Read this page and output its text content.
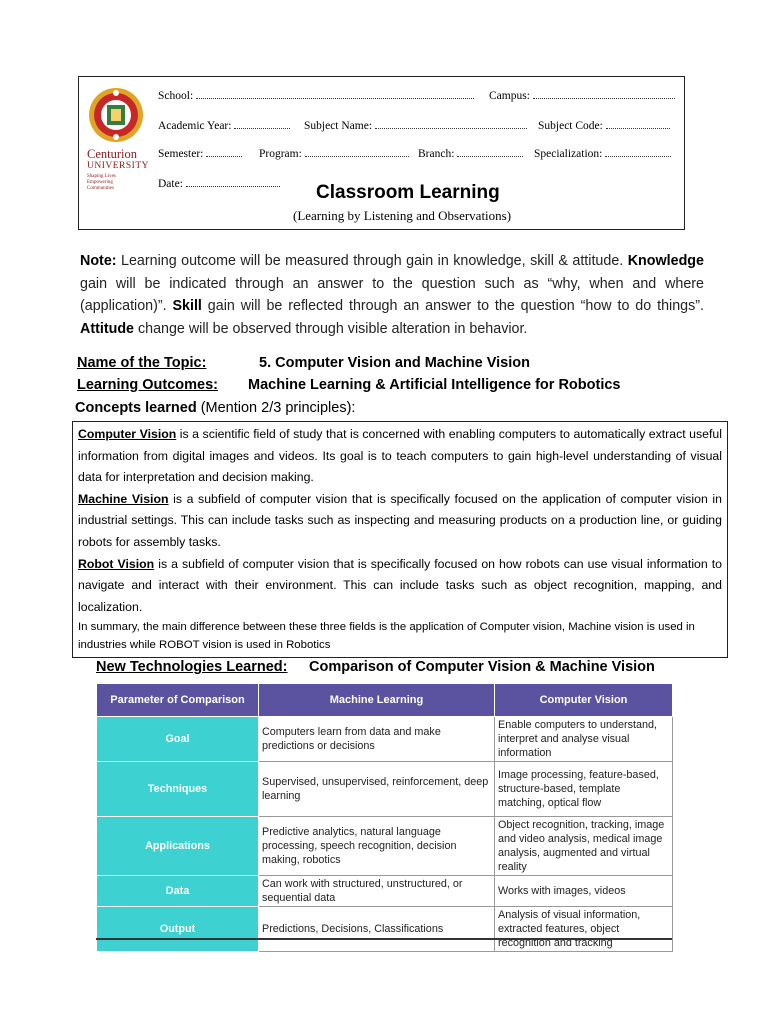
Centurion
UNIVERSITY
Shaping Lives Empowering Communities
School:	Campus:
Academic Year:	Subject Name:	Subject Code:
Semester:	Program:	Branch:	Specialization:
Date:	Classroom Learning
(Learning by Listening and Observations)
Note: Learning outcome will be measured through gain in knowledge, skill & attitude. Knowledge gain will be indicated through an answer to the question such as “why, when and where (application)”. Skill gain will be reflected through an answer to the question “how to do things”. Attitude change will be observed through visible alteration in behavior.
Name of the Topic:	5. Computer Vision and Machine Vision
Learning Outcomes: Machine Learning & Artificial Intelligence for Robotics
Concepts learned (Mention 2/3 principles):

Computer Vision is a scientific field of study that is concerned with enabling computers to automatically extract useful information from digital images and videos. Its goal is to teach computers to gain high-level understanding of visual data for interpretation and decision making.

Machine Vision is a subfield of computer vision that is specifically focused on the application of computer vision in industrial settings. This can include tasks such as inspecting and measuring products on a production line, or guiding robots for assembly tasks.

Robot Vision is a subfield of computer vision that is specifically focused on how robots can use visual information to navigate and interact with their environment. This can include tasks such as object recognition, mapping, and localization.

In summary, the main difference between these three fields is the application of Computer vision, Machine vision is used in industries while ROBOT vision is used in Robotics

New Technologies Learned: Comparison of Computer Vision & Machine Vision
Parameter of Comparison	Machine Learning	Computer Vision
Goal	Computers learn from data and make predictions or decisions	Enable computers to understand, interpret and analyse visual information
Techniques	Supervised, unsupervised, reinforcement, deep learning	Image processing, feature-based, structure-based, template matching, optical flow
Applications	Predictive analytics, natural language processing, speech recognition, decision making, robotics	Object recognition, tracking, image and video analysis, medical image analysis, augmented and virtual reality
Data	Can work with structured, unstructured, or sequential data	Works with images, videos
Output	Predictions, Decisions, Classifications	Analysis of visual information, extracted features, object recognition and tracking
